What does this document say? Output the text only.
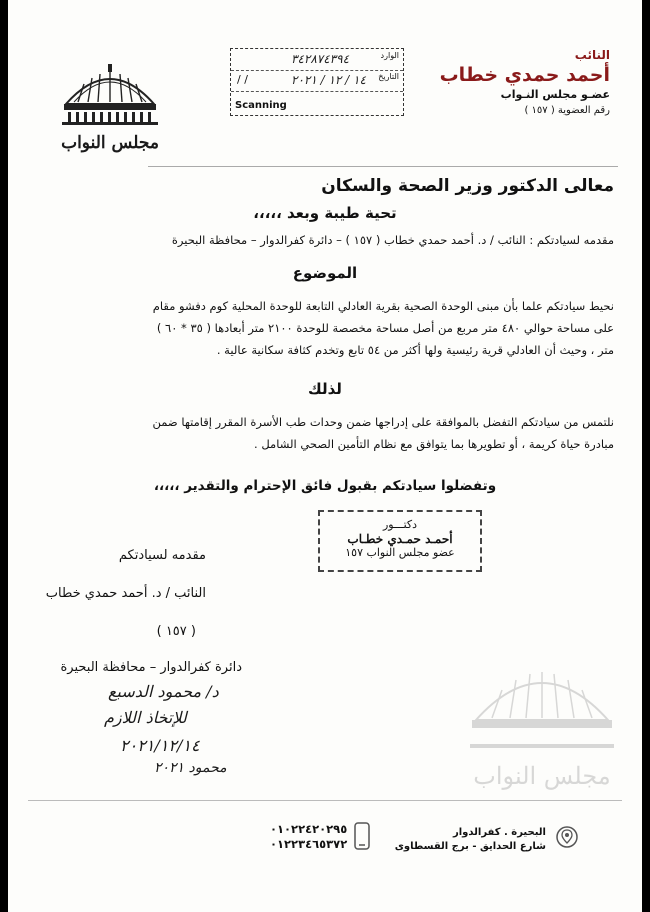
النائب
أحمد حمدي خطاب
عضـو مجلس النـواب
رقم العضوية ( ١٥٧ )
الوارد
٣٤٢٨٧٤٣٩٤
التاريخ
١٤ / ١٢ / ٢٠٢١
/ /
Scanning
مجلس النواب
معالى الدكتور وزير الصحة والسكان
تحية طيبة وبعد ،،،،،
مقدمه لسيادتكم : النائب / د. أحمد حمدي خطاب ( ١٥٧ ) – دائرة كفرالدوار – محافظة البحيرة
الموضوع
نحيط سيادتكم علما بأن مبنى الوحدة الصحية بقرية العادلي التابعة للوحدة المحلية كوم دفشو مقام
على مساحة حوالي ٤٨٠ متر مربع من أصل مساحة مخصصة للوحدة ٢١٠٠ متر أبعادها ( ٣٥ * ٦٠ )
متر ، وحيث أن العادلي قرية رئيسية ولها أكثر من ٥٤ تابع وتخدم كثافة سكانية عالية .
لذلك
نلتمس من سيادتكم التفضل بالموافقة على إدراجها ضمن وحدات طب الأسرة المقرر إقامتها ضمن
مبادرة حياة كريمة ، أو تطويرها بما يتوافق مع نظام التأمين الصحي الشامل .
وتفضلوا سيادتكم بقبول فائق الإحترام والتقدير ،،،،،
دكتـــور
أحمـد حمـدي خطـاب
عضو مجلس النواب ١٥٧
مقدمه لسيادتكم
النائب / د. أحمد حمدي خطاب
( ١٥٧ )
دائرة كفرالدوار – محافظة البحيرة
د/ محمود الدسبع
للإتخاذ اللازم
٢٠٢١/١٢/١٤
محمود ٢٠٢١	مجلس النواب
٠١٠٢٢٤٢٠٢٩٥
٠١٢٢٣٤٦٥٣٧٢
البحيرة . كفرالدوار
شارع الحدايق - برج القسطاوى
